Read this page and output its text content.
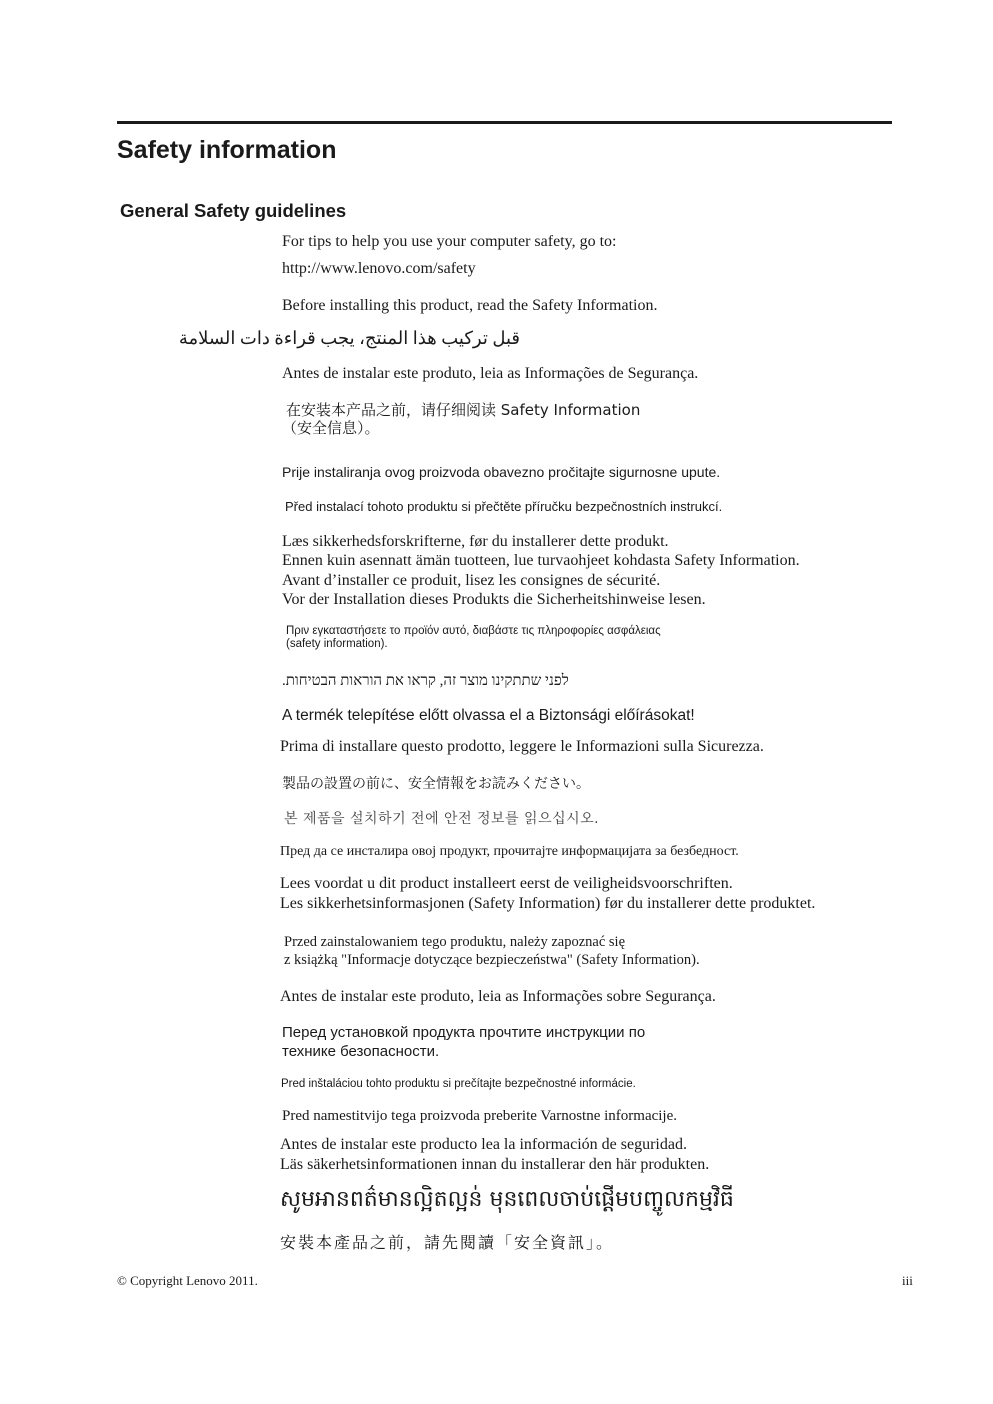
Safety information
General Safety guidelines

For tips to help you use your computer safety, go to:

http://www.lenovo.com/safety

Before installing this product, read the Safety Information.

قبل تركيب هذا المنتج، يجب قراءة دات السلامة

Antes de instalar este produto, leia as Informações de Segurança.

在安装本产品之前，请仔细阅读 Safety Information

（安全信息）。

Prije instaliranja ovog proizvoda obavezno pročitajte sigurnosne upute.

Před instalací tohoto produktu si přečtěte příručku bezpečnostních instrukcí.

Læs sikkerhedsforskrifterne, før du installerer dette produkt.

Ennen kuin asennatt ämän tuotteen, lue turvaohjeet kohdasta Safety Information.

Avant d’installer ce produit, lisez les consignes de sécurité.

Vor der Installation dieses Produkts die Sicherheitshinweise lesen.

Πριν εγκαταστήσετε το προϊόν αυτό, διαβάστε τις πληροφορίες ασφάλειας

(safety information).

לפני שתתקינו מוצר זה, קראו את הוראות הבטיחות.

A termék telepítése előtt olvassa el a Biztonsági előírásokat!

Prima di installare questo prodotto, leggere le Informazioni sulla Sicurezza.

製品の設置の前に、安全情報をお読みください。

본 제품을 설치하기 전에 안전 정보를 읽으십시오.

Пред да се инсталира овој продукт, прочитајте информацијата за безбедност.

Lees voordat u dit product installeert eerst de veiligheidsvoorschriften.

Les sikkerhetsinformasjonen (Safety Information) før du installerer dette produktet.

Przed zainstalowaniem tego produktu, należy zapoznać się

z książką "Informacje dotyczące bezpieczeństwa" (Safety Information).

Antes de instalar este produto, leia as Informações sobre Segurança.

Перед установкой продукта прочтите инструкции по

технике безопасности.

Pred inštaláciou tohto produktu si prečítajte bezpečnostné informácie.

Pred namestitvijo tega proizvoda preberite Varnostne informacije.

Antes de instalar este producto lea la información de seguridad.

Läs säkerhetsinformationen innan du installerar den här produkten.

សូមអានពត៌មានល្អិតល្អន់ មុនពេលចាប់ផ្តើមបញ្ចូលកម្មវិធី

安裝本產品之前，請先閱讀「安全資訊」。

© Copyright Lenovo 2011.	iii
